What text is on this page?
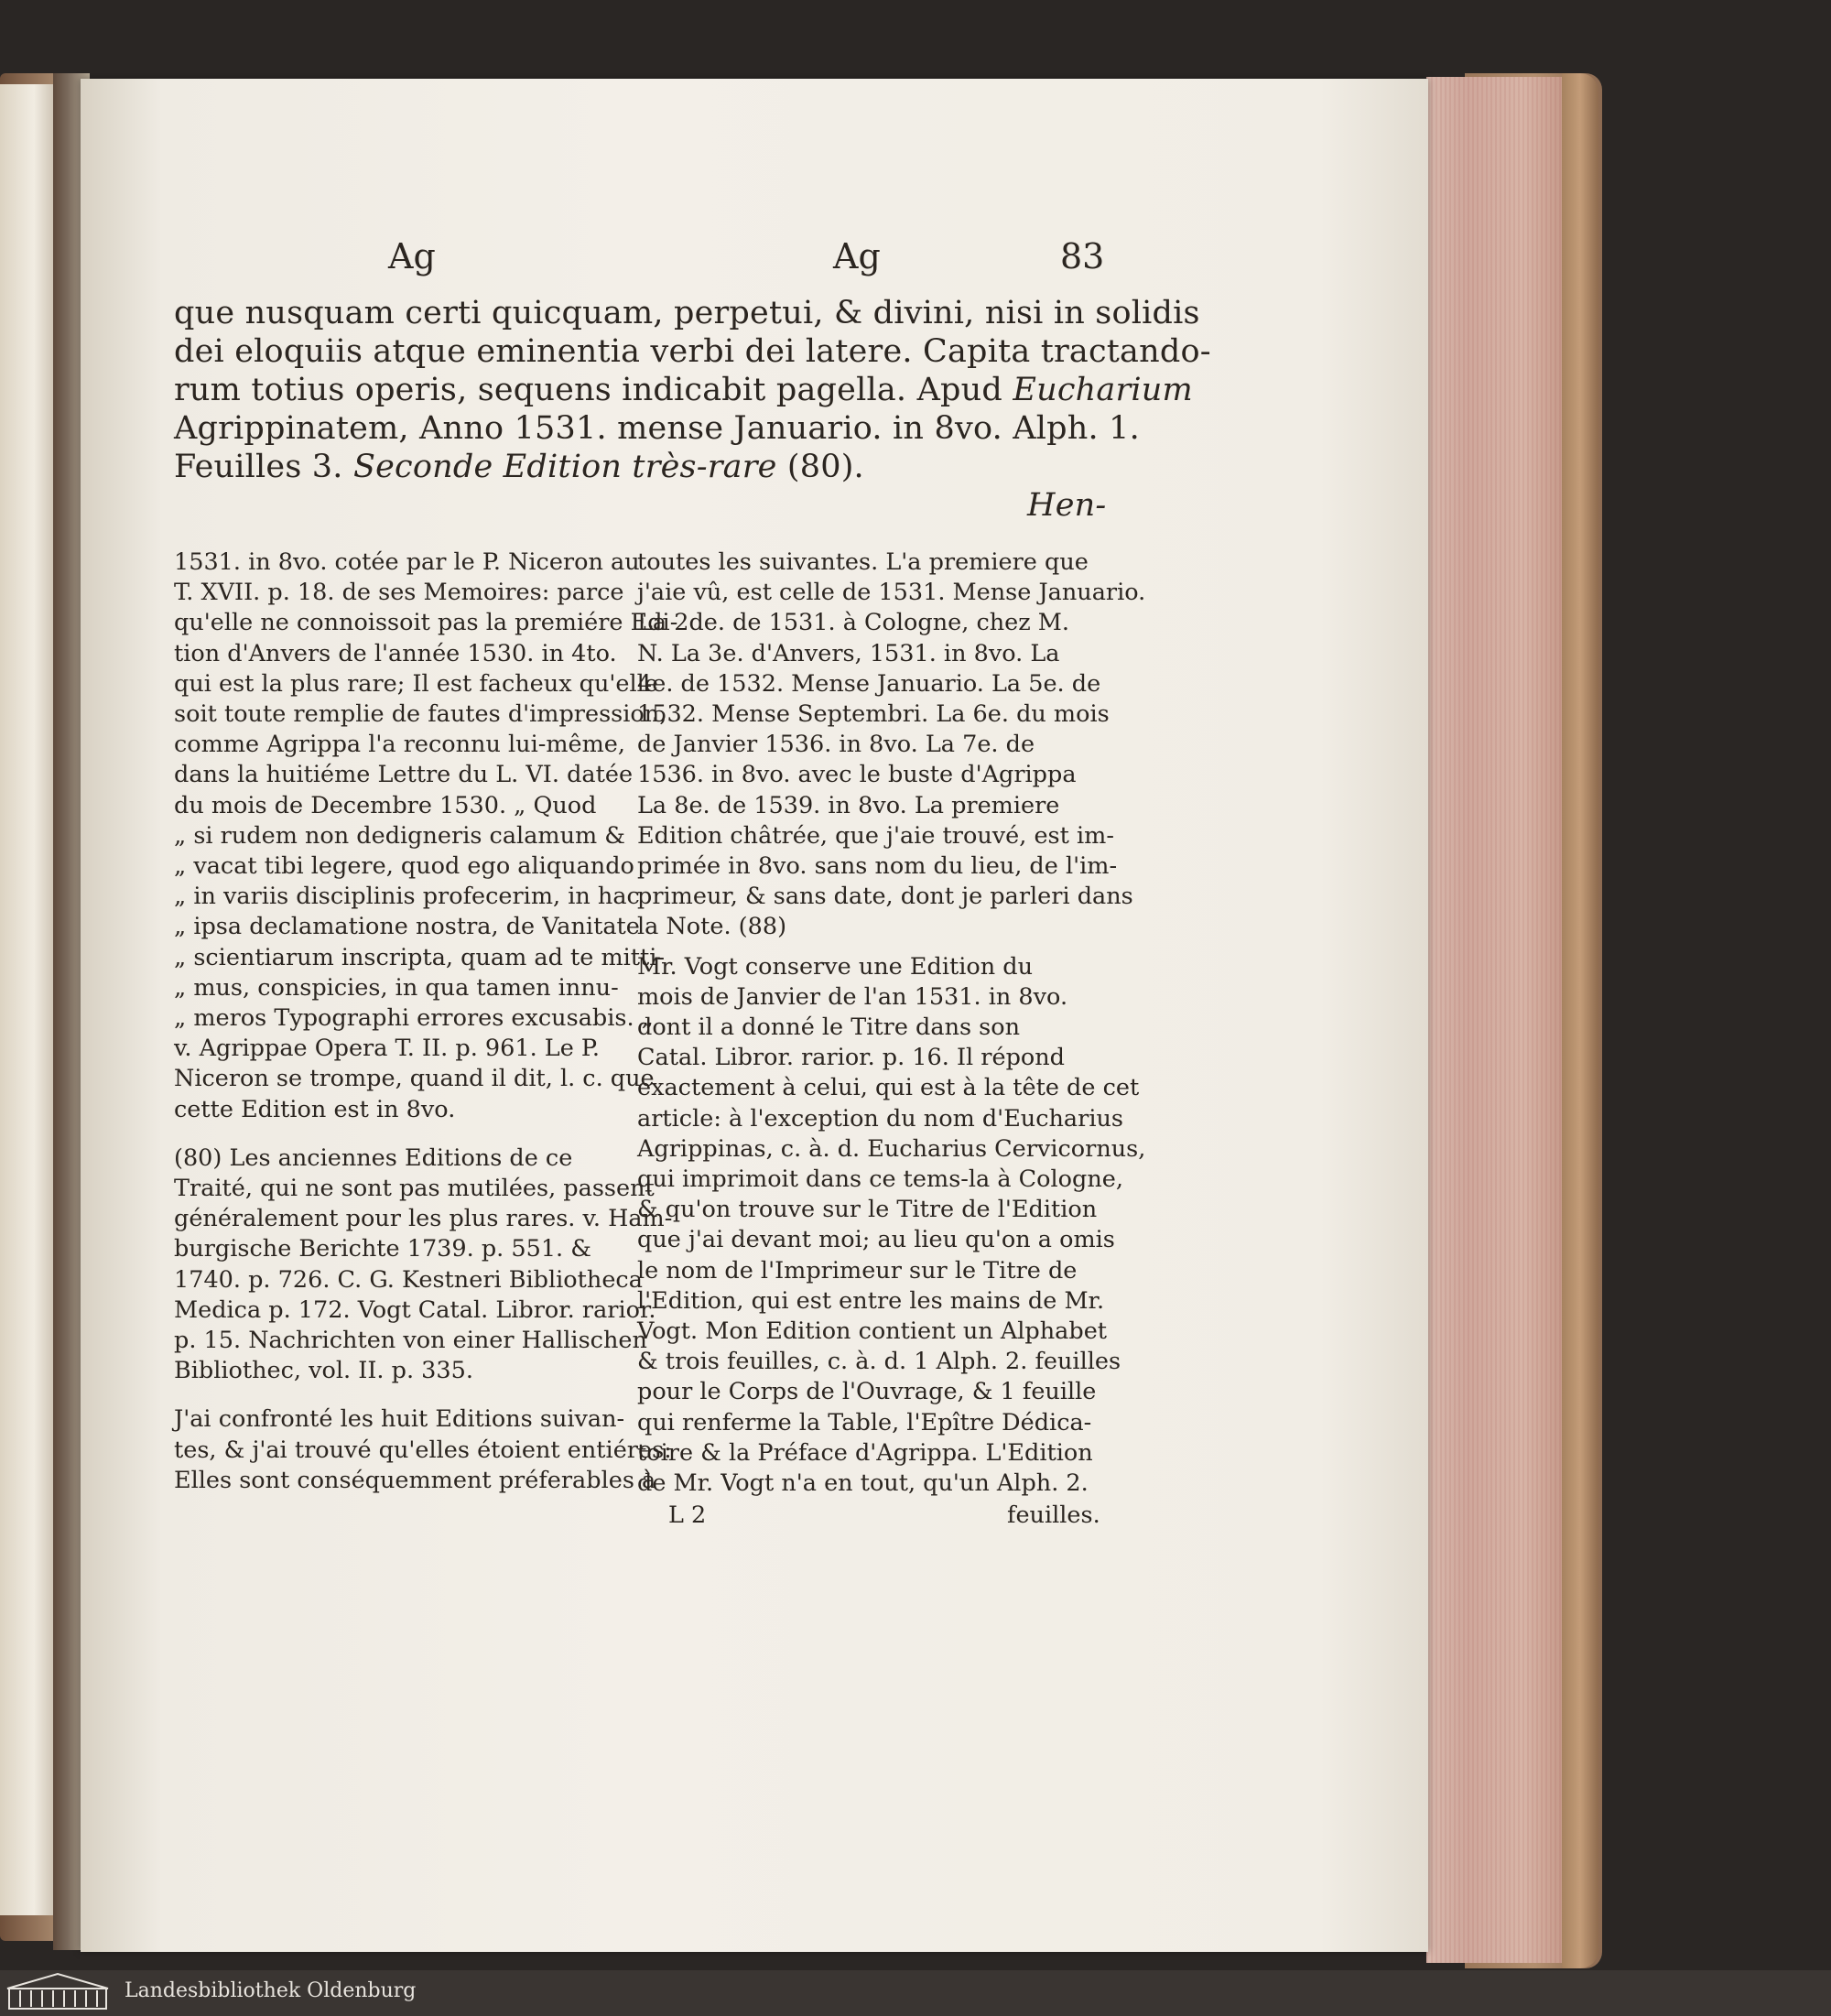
Ag	Ag	83
que nusquam certi quicquam, perpetui, & divini, nisi in solidis
dei eloquiis atque eminentia verbi dei latere. Capita tractando-
rum totius operis, sequens indicabit pagella. Apud Eucharium
Agrippinatem, Anno 1531. mense Januario. in 8vo. Alph. 1.
Feuilles 3. Seconde Edition très-rare (80).
Hen-
1531. in 8vo. cotée par le P. Niceron au
T. XVII. p. 18. de ses Memoires: parce
qu'elle ne connoissoit pas la premiére Edi-
tion d'Anvers de l'année 1530. in 4to.
qui est la plus rare; Il est facheux qu'elle
soit toute remplie de fautes d'impression,
comme Agrippa l'a reconnu lui-même,
dans la huitiéme Lettre du L. VI. datée
du mois de Decembre 1530. „ Quod
„ si rudem non dedigneris calamum &
„ vacat tibi legere, quod ego aliquando
„ in variis disciplinis profecerim, in hac
„ ipsa declamatione nostra, de Vanitate
„ scientiarum inscripta, quam ad te mitti-
„ mus, conspicies, in qua tamen innu-
„ meros Typographi errores excusabis. „
v. Agrippae Opera T. II. p. 961. Le P.
Niceron se trompe, quand il dit, l. c. que
cette Edition est in 8vo.
(80) Les anciennes Editions de ce
Traité, qui ne sont pas mutilées, passent
généralement pour les plus rares. v. Ham-
burgische Berichte 1739. p. 551. &
1740. p. 726. C. G. Kestneri Bibliotheca
Medica p. 172. Vogt Catal. Libror. rarior.
p. 15. Nachrichten von einer Hallischen
Bibliothec, vol. II. p. 335.
J'ai confronté les huit Editions suivan-
tes, & j'ai trouvé qu'elles étoient entiéres:
Elles sont conséquemment préferables à
toutes les suivantes. L'a premiere que
j'aie vû, est celle de 1531. Mense Januario.
La 2de. de 1531. à Cologne, chez M.
N. La 3e. d'Anvers, 1531. in 8vo. La
4e. de 1532. Mense Januario. La 5e. de
1532. Mense Septembri. La 6e. du mois
de Janvier 1536. in 8vo. La 7e. de
1536. in 8vo. avec le buste d'Agrippa
La 8e. de 1539. in 8vo. La premiere
Edition châtrée, que j'aie trouvé, est im-
primée in 8vo. sans nom du lieu, de l'im-
primeur, & sans date, dont je parleri dans
la Note. (88)
Mr. Vogt conserve une Edition du
mois de Janvier de l'an 1531. in 8vo.
dont il a donné le Titre dans son
Catal. Libror. rarior. p. 16. Il répond
exactement à celui, qui est à la tête de cet
article: à l'exception du nom d'Eucharius
Agrippinas, c. à. d. Eucharius Cervicornus,
qui imprimoit dans ce tems-la à Cologne,
& qu'on trouve sur le Titre de l'Edition
que j'ai devant moi; au lieu qu'on a omis
le nom de l'Imprimeur sur le Titre de
l'Edition, qui est entre les mains de Mr.
Vogt. Mon Edition contient un Alphabet
& trois feuilles, c. à. d. 1 Alph. 2. feuilles
pour le Corps de l'Ouvrage, & 1 feuille
qui renferme la Table, l'Epître Dédica-
toire & la Préface d'Agrippa. L'Edition
de Mr. Vogt n'a en tout, qu'un Alph. 2.
L 2	feuilles.
Landesbibliothek Oldenburg
